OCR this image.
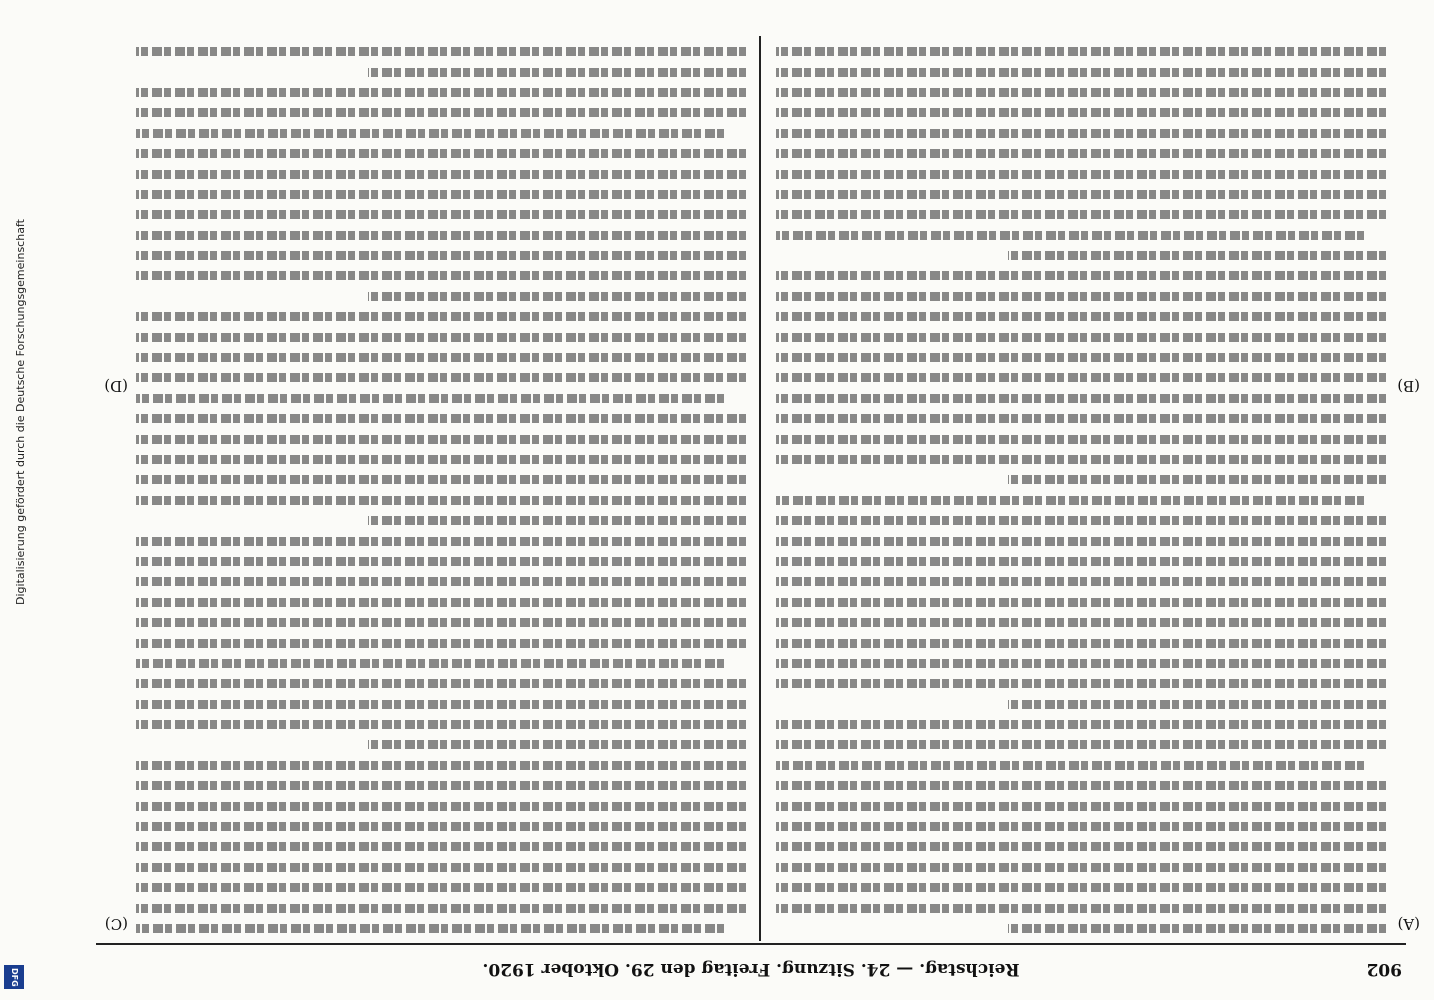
902
Reichstag. — 24. Sitzung. Freitag den 29. Oktober 1920.
(A)
(B)
(C)
(D)
Digitalisierung gefördert durch die Deutsche Forschungsgemeinschaft
DFG
